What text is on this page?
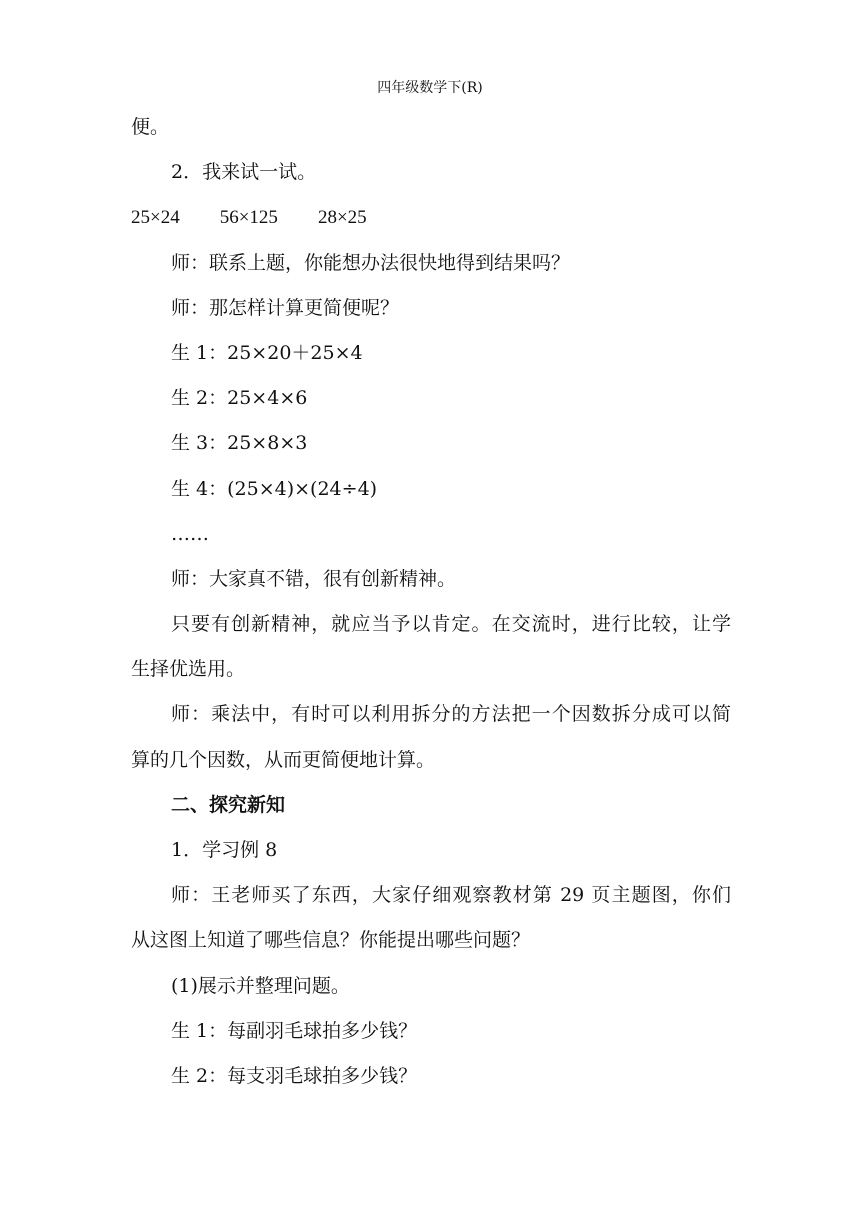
四年级数学下(R)
便。
2．我来试一试。
25×24 56×125 28×25
师：联系上题，你能想办法很快地得到结果吗？
师：那怎样计算更简便呢？
生 1：25×20＋25×4
生 2：25×4×6
生 3：25×8×3
生 4：(25×4)×(24÷4)
……
师：大家真不错，很有创新精神。
只要有创新精神，就应当予以肯定。在交流时，进行比较，让学
生择优选用。
师：乘法中，有时可以利用拆分的方法把一个因数拆分成可以简
算的几个因数，从而更简便地计算。
二、探究新知
1．学习例 8
师：王老师买了东西，大家仔细观察教材第 29 页主题图，你们
从这图上知道了哪些信息？你能提出哪些问题？
(1)展示并整理问题。
生 1：每副羽毛球拍多少钱？
生 2：每支羽毛球拍多少钱？
